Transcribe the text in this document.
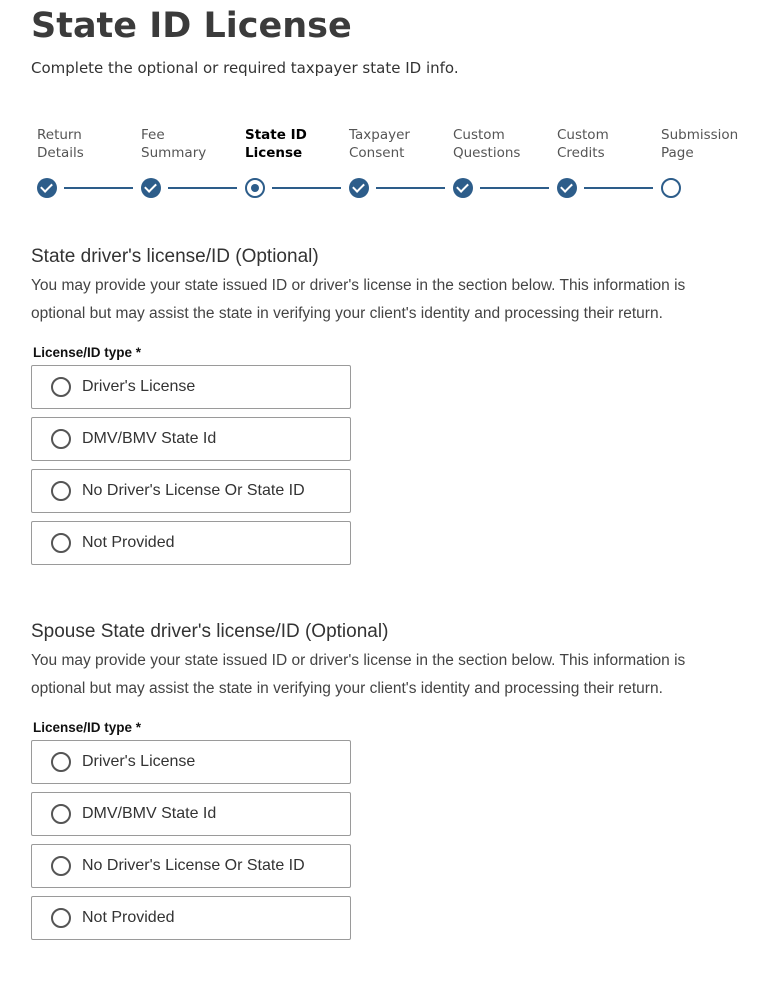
State ID License
Complete the optional or required taxpayer state ID info.
Return
Details
Fee
Summary
State ID
License
Taxpayer
Consent
Custom
Questions
Custom
Credits
Submission
Page
State driver's license/ID (Optional)
You may provide your state issued ID or driver's license in the section below. This information is
optional but may assist the state in verifying your client's identity and processing their return.
License/ID type *
Driver's License
DMV/BMV State Id
No Driver's License Or State ID
Not Provided
Spouse State driver's license/ID (Optional)
You may provide your state issued ID or driver's license in the section below. This information is
optional but may assist the state in verifying your client's identity and processing their return.
License/ID type *
Driver's License
DMV/BMV State Id
No Driver's License Or State ID
Not Provided
